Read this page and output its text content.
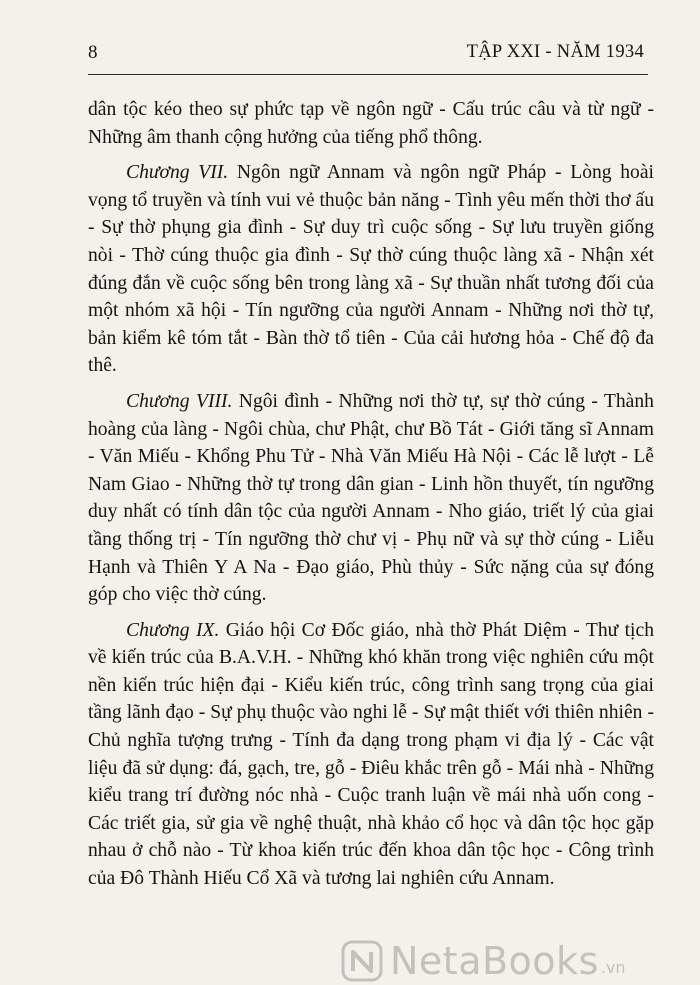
8	TẬP XXI - NĂM 1934

dân tộc kéo theo sự phức tạp về ngôn ngữ - Cấu trúc câu và từ ngữ - Những âm thanh cộng hưởng của tiếng phổ thông.

Chương VII. Ngôn ngữ Annam và ngôn ngữ Pháp - Lòng hoài vọng tổ truyền và tính vui vẻ thuộc bản năng - Tình yêu mến thời thơ ấu - Sự thờ phụng gia đình - Sự duy trì cuộc sống - Sự lưu truyền giống nòi - Thờ cúng thuộc gia đình - Sự thờ cúng thuộc làng xã - Nhận xét đúng đắn về cuộc sống bên trong làng xã - Sự thuần nhất tương đối của một nhóm xã hội - Tín ngưỡng của người Annam - Những nơi thờ tự, bản kiểm kê tóm tắt - Bàn thờ tổ tiên - Của cải hương hỏa - Chế độ đa thê.

Chương VIII. Ngôi đình - Những nơi thờ tự, sự thờ cúng - Thành hoàng của làng - Ngôi chùa, chư Phật, chư Bồ Tát - Giới tăng sĩ Annam - Văn Miếu - Khổng Phu Tử - Nhà Văn Miếu Hà Nội - Các lễ lượt - Lễ Nam Giao - Những thờ tự trong dân gian - Linh hồn thuyết, tín ngưỡng duy nhất có tính dân tộc của người Annam - Nho giáo, triết lý của giai tầng thống trị - Tín ngưỡng thờ chư vị - Phụ nữ và sự thờ cúng - Liễu Hạnh và Thiên Y A Na - Đạo giáo, Phù thủy - Sức nặng của sự đóng góp cho việc thờ cúng.

Chương IX. Giáo hội Cơ Đốc giáo, nhà thờ Phát Diệm - Thư tịch về kiến trúc của B.A.V.H. - Những khó khăn trong việc nghiên cứu một nền kiến trúc hiện đại - Kiểu kiến trúc, công trình sang trọng của giai tầng lãnh đạo - Sự phụ thuộc vào nghi lễ - Sự mật thiết với thiên nhiên - Chủ nghĩa tượng trưng - Tính đa dạng trong phạm vi địa lý - Các vật liệu đã sử dụng: đá, gạch, tre, gỗ - Điêu khắc trên gỗ - Mái nhà - Những kiểu trang trí đường nóc nhà - Cuộc tranh luận về mái nhà uốn cong - Các triết gia, sử gia về nghệ thuật, nhà khảo cổ học và dân tộc học gặp nhau ở chỗ nào - Từ khoa kiến trúc đến khoa dân tộc học - Công trình của Đô Thành Hiếu Cổ Xã và tương lai nghiên cứu Annam.

NetaBooks .vn
